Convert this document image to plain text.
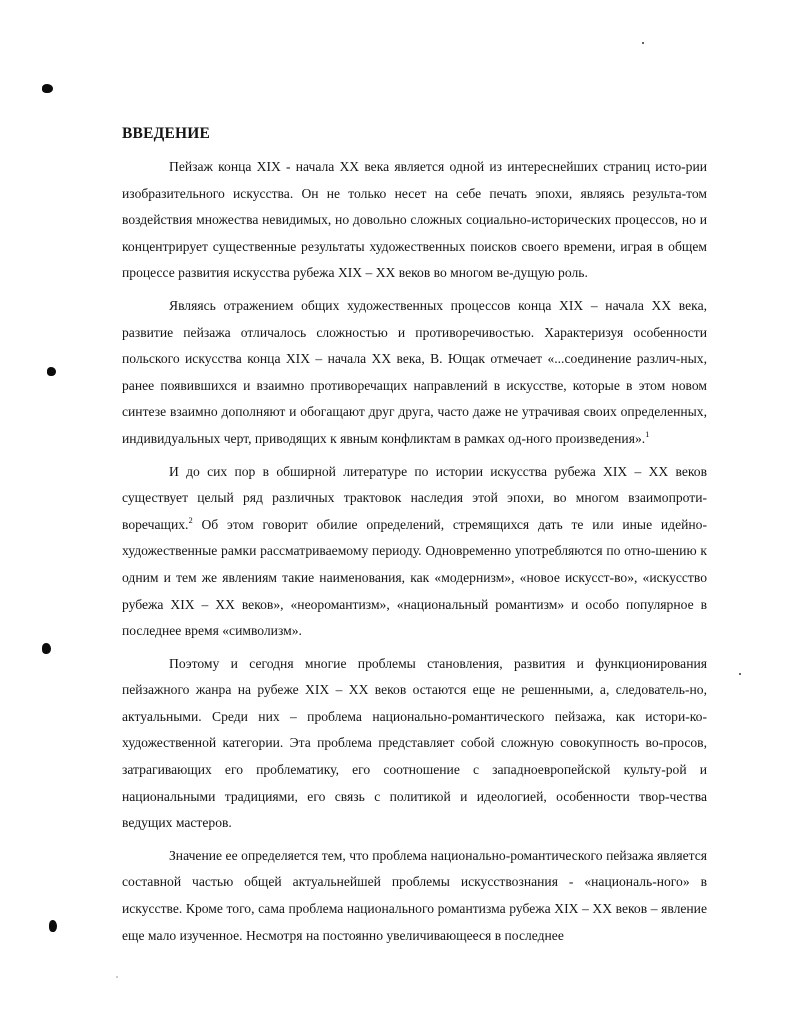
ВВЕДЕНИЕ

Пейзаж конца XIX - начала XX века является одной из интереснейших страниц исто-рии изобразительного искусства. Он не только несет на себе печать эпохи, являясь результа-том воздействия множества невидимых, но довольно сложных социально-исторических процессов, но и концентрирует существенные результаты художественных поисков своего времени, играя в общем процессе развития искусства рубежа XIX – XX веков во многом ве-дущую роль.

Являясь отражением общих художественных процессов конца XIX – начала XX века, развитие пейзажа отличалось сложностью и противоречивостью. Характеризуя особенности польского искусства конца XIX – начала XX века, В. Ющак отмечает «...соединение различ-ных, ранее появившихся и взаимно противоречащих направлений в искусстве, которые в этом новом синтезе взаимно дополняют и обогащают друг друга, часто даже не утрачивая своих определенных, индивидуальных черт, приводящих к явным конфликтам в рамках од-ного произведения».$^1$

И до сих пор в обширной литературе по истории искусства рубежа XIX – XX веков существует целый ряд различных трактовок наследия этой эпохи, во многом взаимопроти-воречащих.$^2$ Об этом говорит обилие определений, стремящихся дать те или иные идейно-художественные рамки рассматриваемому периоду. Одновременно употребляются по отно-шению к одним и тем же явлениям такие наименования, как «модернизм», «новое искусст-во», «искусство рубежа XIX – XX веков», «неоромантизм», «национальный романтизм» и особо популярное в последнее время «символизм».

Поэтому и сегодня многие проблемы становления, развития и функционирования пейзажного жанра на рубеже XIX – XX веков остаются еще не решенными, а, следователь-но, актуальными. Среди них – проблема национально-романтического пейзажа, как истори-ко-художественной категории. Эта проблема представляет собой сложную совокупность во-просов, затрагивающих его проблематику, его соотношение с западноевропейской культу-рой и национальными традициями, его связь с политикой и идеологией, особенности твор-чества ведущих мастеров.

Значение ее определяется тем, что проблема национально-романтического пейзажа является составной частью общей актуальнейшей проблемы искусствознания - «националь-ного» в искусстве. Кроме того, сама проблема национального романтизма рубежа XIX – XX веков – явление еще мало изученное. Несмотря на постоянно увеличивающееся в последнее
